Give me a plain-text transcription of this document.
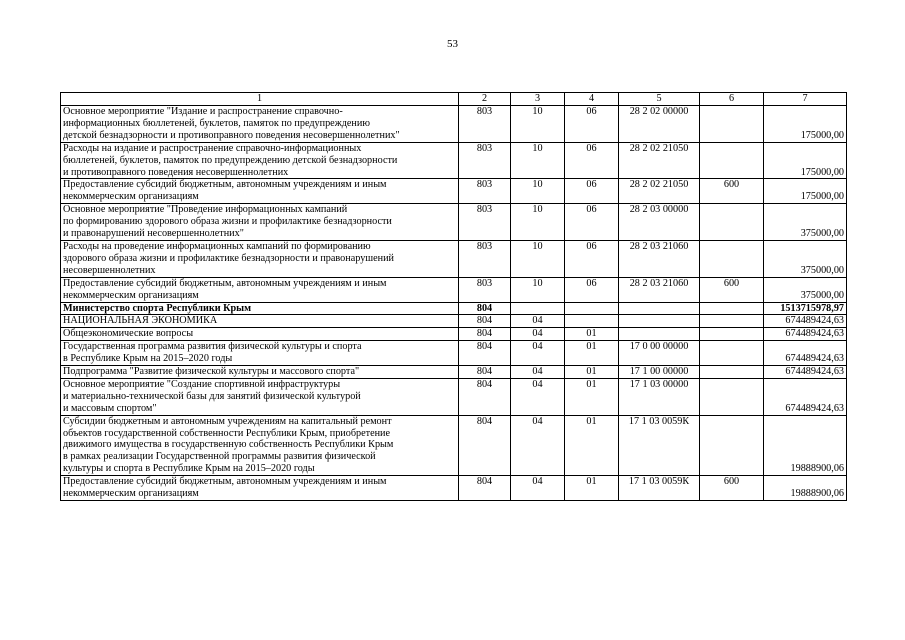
53
1	2	3	4	5	6	7
Основное мероприятие "Издание и распространение справочно-
информационных бюллетеней, буклетов, памяток по предупреждению
детской безнадзорности и противоправного поведения несовершеннолетних"	803	10	06	28 2 02 00000		175000,00
Расходы на издание и распространение справочно-информационных
бюллетеней, буклетов, памяток по предупреждению детской безнадзорности
и противоправного поведения несовершеннолетних	803	10	06	28 2 02 21050		175000,00
Предоставление субсидий бюджетным, автономным учреждениям и иным
некоммерческим организациям	803	10	06	28 2 02 21050	600	175000,00
Основное мероприятие "Проведение информационных кампаний
по формированию здорового образа жизни и профилактике безнадзорности
и правонарушений несовершеннолетних"	803	10	06	28 2 03 00000		375000,00
Расходы на проведение информационных кампаний по формированию
здорового образа жизни и профилактике безнадзорности и правонарушений
несовершеннолетних	803	10	06	28 2 03 21060		375000,00
Предоставление субсидий бюджетным, автономным учреждениям и иным
некоммерческим организациям	803	10	06	28 2 03 21060	600	375000,00
Министерство спорта Республики Крым	804					1513715978,97
НАЦИОНАЛЬНАЯ ЭКОНОМИКА	804	04				674489424,63
Общеэкономические вопросы	804	04	01			674489424,63
Государственная программа развития физической культуры и спорта
в Республике Крым на 2015–2020 годы	804	04	01	17 0 00 00000		674489424,63
Подпрограмма "Развитие физической культуры и массового спорта"	804	04	01	17 1 00 00000		674489424,63
Основное мероприятие "Создание спортивной инфраструктуры
и материально-технической базы для занятий физической культурой
и массовым спортом"	804	04	01	17 1 03 00000		674489424,63
Субсидии бюджетным и автономным учреждениям на капитальный ремонт
объектов государственной собственности Республики Крым, приобретение
движимого имущества в государственную собственность Республики Крым
в рамках реализации Государственной программы развития физической
культуры и спорта в Республике Крым на 2015–2020 годы	804	04	01	17 1 03 0059К		19888900,06
Предоставление субсидий бюджетным, автономным учреждениям и иным
некоммерческим организациям	804	04	01	17 1 03 0059К	600	19888900,06
